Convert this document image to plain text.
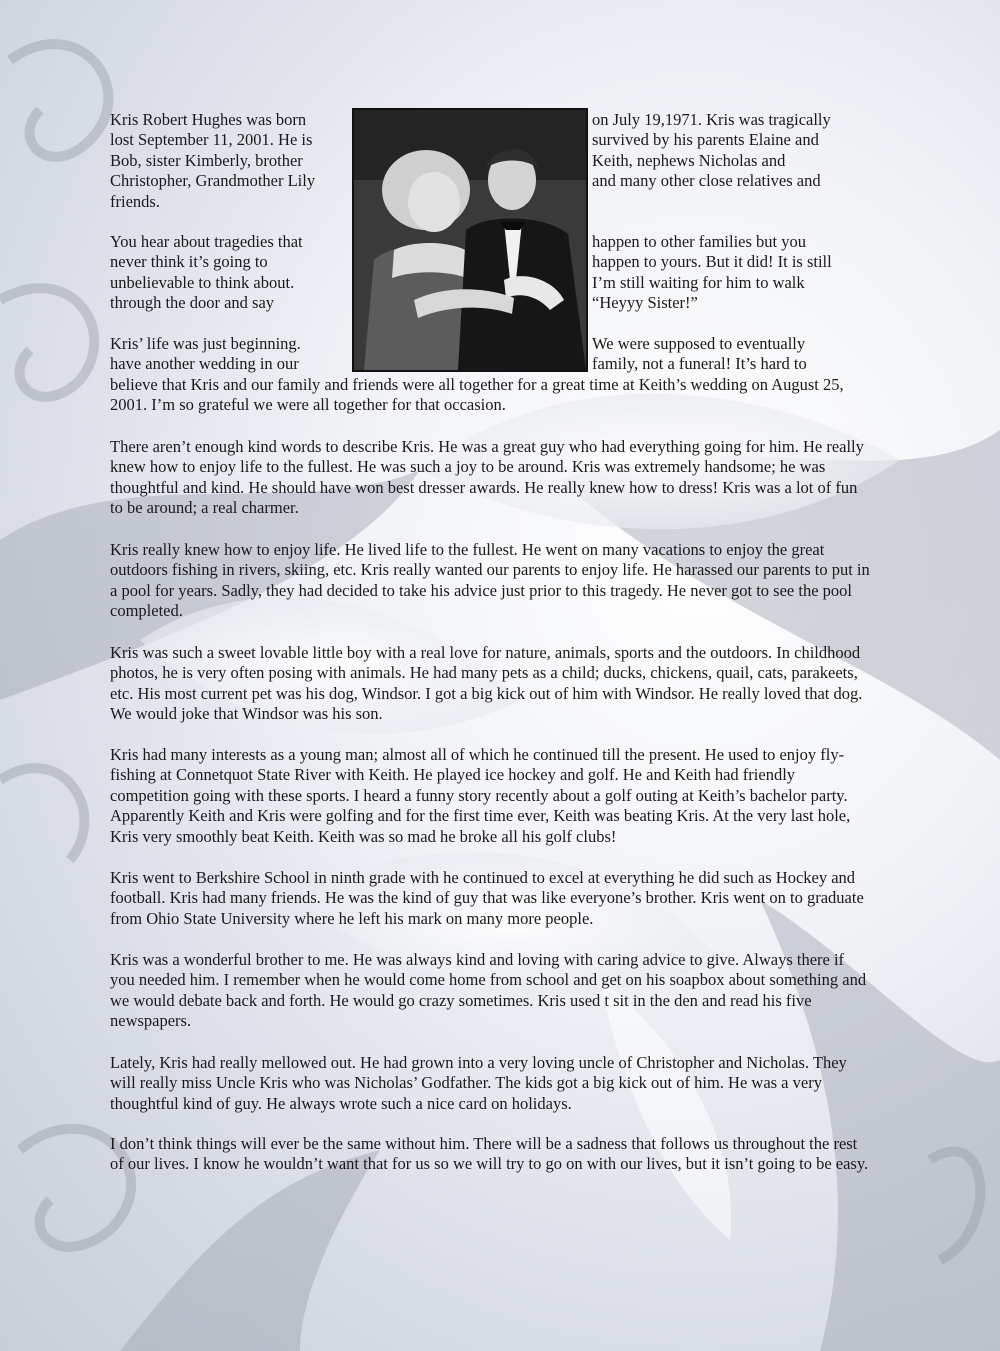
Kris Robert Hughes was born
lost September 11, 2001. He is
Bob, sister Kimberly, brother
Christopher, Grandmother Lily
friends.
on July 19,1971. Kris was tragically
survived by his parents Elaine and
Keith, nephews Nicholas and
and many other close relatives and
You hear about tragedies that
never think it’s going to
unbelievable to think about.
through the door and say
happen to other families but you
happen to yours. But it did! It is still
I’m still waiting for him to walk
“Heyyy Sister!”
Kris’ life was just beginning.
have another wedding in our
We were supposed to eventually
family, not a funeral! It’s hard to

believe that Kris and our family and friends were all together for a great time at Keith’s wedding on August 25, 2001. I’m so grateful we were all together for that occasion.

There aren’t enough kind words to describe Kris. He was a great guy who had everything going for him. He really knew how to enjoy life to the fullest. He was such a joy to be around. Kris was extremely handsome; he was thoughtful and kind. He should have won best dresser awards. He really knew how to dress! Kris was a lot of fun to be around; a real charmer.

Kris really knew how to enjoy life. He lived life to the fullest. He went on many vacations to enjoy the great outdoors fishing in rivers, skiing, etc. Kris really wanted our parents to enjoy life. He harassed our parents to put in a pool for years. Sadly, they had decided to take his advice just prior to this tragedy. He never got to see the pool completed.

Kris was such a sweet lovable little boy with a real love for nature, animals, sports and the outdoors. In childhood photos, he is very often posing with animals. He had many pets as a child; ducks, chickens, quail, cats, parakeets, etc. His most current pet was his dog, Windsor. I got a big kick out of him with Windsor. He really loved that dog. We would joke that Windsor was his son.

Kris had many interests as a young man; almost all of which he continued till the present. He used to enjoy fly-fishing at Connetquot State River with Keith. He played ice hockey and golf. He and Keith had friendly competition going with these sports. I heard a funny story recently about a golf outing at Keith’s bachelor party. Apparently Keith and Kris were golfing and for the first time ever, Keith was beating Kris. At the very last hole, Kris very smoothly beat Keith. Keith was so mad he broke all his golf clubs!

Kris went to Berkshire School in ninth grade with he continued to excel at everything he did such as Hockey and football. Kris had many friends. He was the kind of guy that was like everyone’s brother. Kris went on to graduate from Ohio State University where he left his mark on many more people.

Kris was a wonderful brother to me. He was always kind and loving with caring advice to give. Always there if you needed him. I remember when he would come home from school and get on his soapbox about something and we would debate back and forth. He would go crazy sometimes. Kris used t sit in the den and read his five newspapers.

Lately, Kris had really mellowed out. He had grown into a very loving uncle of Christopher and Nicholas. They will really miss Uncle Kris who was Nicholas’ Godfather. The kids got a big kick out of him. He was a very thoughtful kind of guy. He always wrote such a nice card on holidays.

I don’t think things will ever be the same without him. There will be a sadness that follows us throughout the rest of our lives. I know he wouldn’t want that for us so we will try to go on with our lives, but it isn’t going to be easy.
